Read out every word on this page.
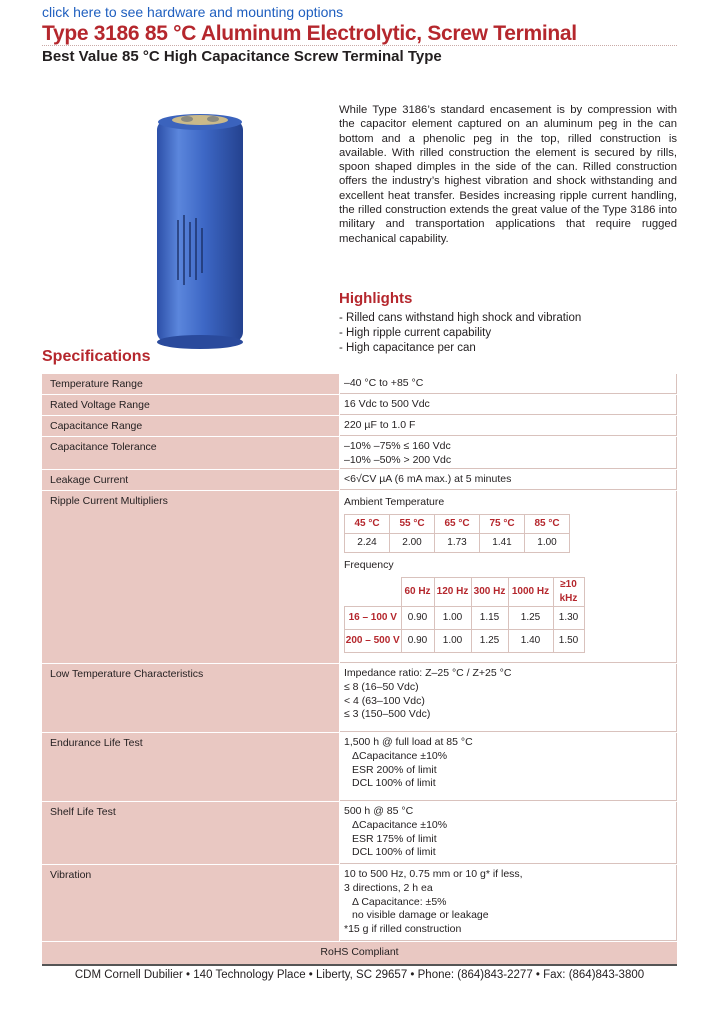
click here to see hardware and mounting options
Type 3186 85 °C Aluminum Electrolytic, Screw Terminal
Best Value 85 °C High Capacitance Screw Terminal Type
While Type 3186’s standard encasement is by compression with the capacitor element captured on an aluminum peg in the can bottom and a phenolic peg in the top, rilled construction is available. With rilled construction the element is secured by rills, spoon shaped dimples in the side of the can. Rilled construction offers the industry’s highest vibration and shock withstanding and excellent heat transfer. Besides increasing ripple current handling, the rilled construction extends the great value of the Type 3186 into military and transportation applications that require rugged mechanical capability.
Highlights
- Rilled cans withstand high shock and vibration
- High ripple current capability
- High capacitance per can
Specifications
Temperature Range	–40 °C to +85 °C
Rated Voltage Range	16 Vdc to 500 Vdc
Capacitance Range	220 µF to 1.0 F
Capacitance Tolerance	–10% –75% ≤ 160 Vdc
–10% –50% > 200 Vdc
Leakage Current	<6√CV µA (6 mA max.) at 5 minutes
Ripple Current Multipliers	Ambient Temperature
45 °C	55 °C	65 °C	75 °C	85 °C
2.24	2.00	1.73	1.41	1.00
Frequency
	60 Hz	120 Hz	300 Hz	1000 Hz	≥10 kHz
16 – 100 V	0.90	1.00	1.15	1.25	1.30
200 – 500 V	0.90	1.00	1.25	1.40	1.50
Low Temperature Characteristics	Impedance ratio: Z–25 °C / Z+25 °C
≤ 8 (16–50 Vdc)
< 4 (63–100 Vdc)
≤ 3 (150–500 Vdc)
Endurance Life Test	1,500 h @ full load at 85 °C
ΔCapacitance ±10%
ESR 200% of limit
DCL 100% of limit
Shelf Life Test	500 h @ 85 °C
ΔCapacitance ±10%
ESR 175% of limit
DCL 100% of limit
Vibration	10 to 500 Hz, 0.75 mm or 10 g* if less,
3 directions, 2 h ea
Δ Capacitance: ±5%
no visible damage or leakage
*15 g if rilled construction
RoHS Compliant
CDM Cornell Dubilier • 140 Technology Place • Liberty, SC 29657 • Phone: (864)843-2277 • Fax: (864)843-3800
